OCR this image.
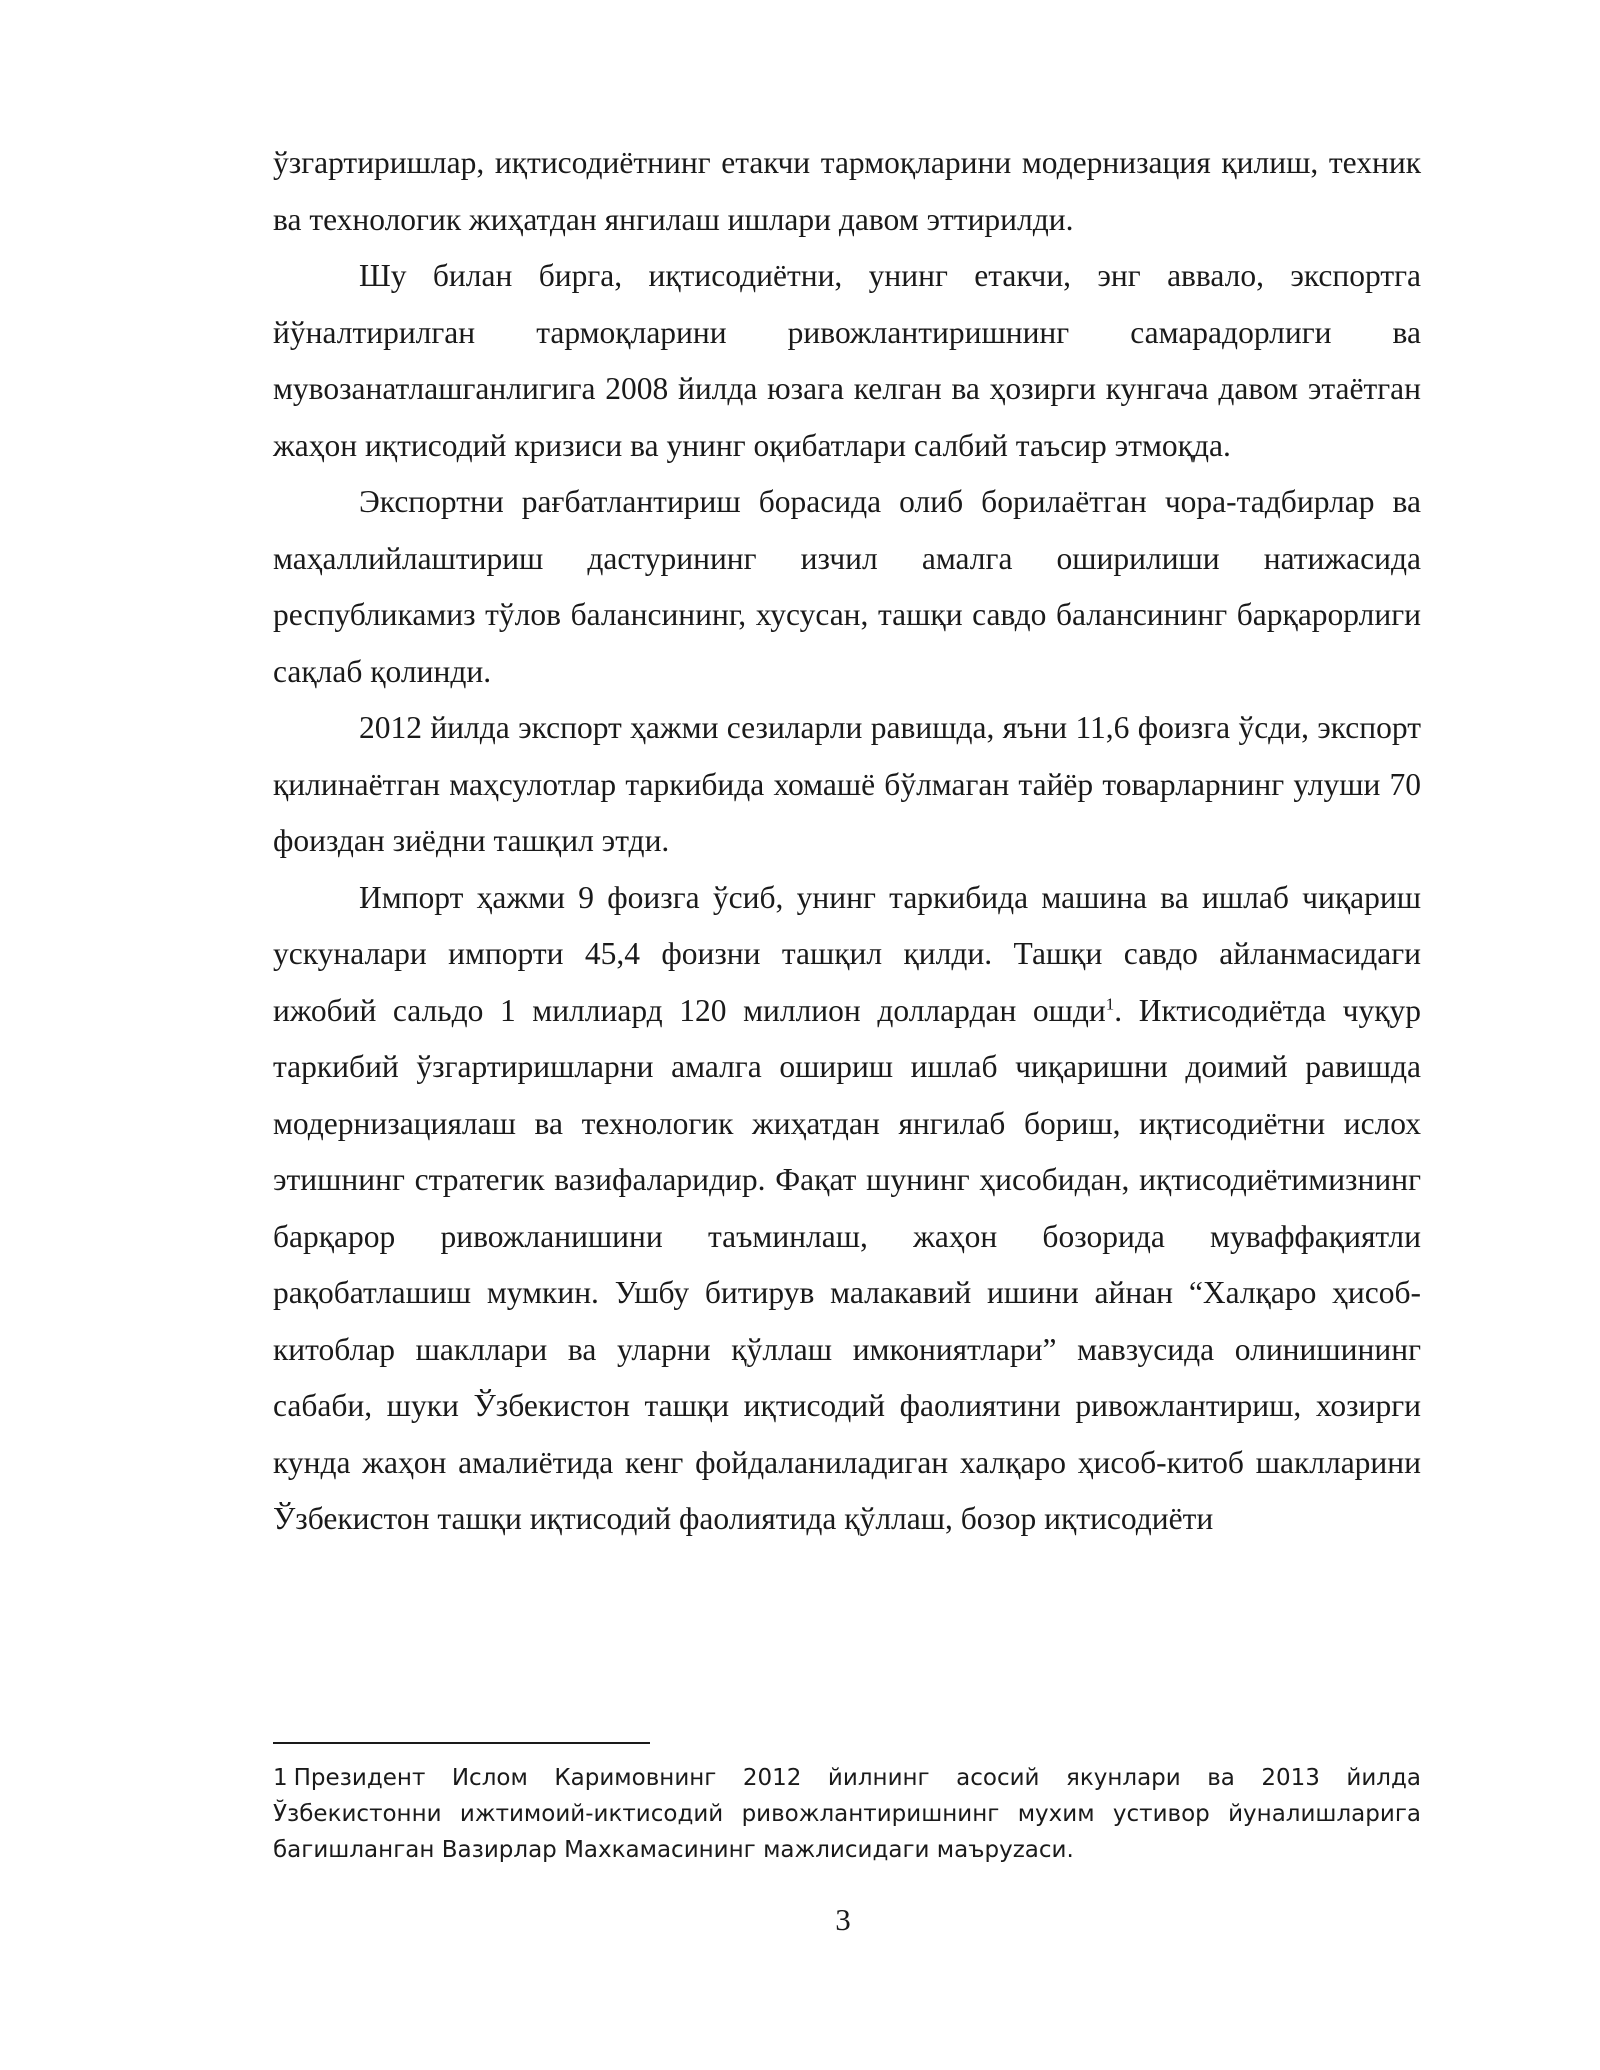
ўзгартиришлар, иқтисодиётнинг етакчи тармоқларини модернизация қилиш, техник ва технологик жиҳатдан янгилаш ишлари давом эттирилди.

Шу билан бирга, иқтисодиётни, унинг етакчи, энг аввало, экспортга йўналтирилган тармоқларини ривожлантиришнинг самарадорлиги ва мувозанатлашганлигига 2008 йилда юзага келган ва ҳозирги кунгача давом этаётган жаҳон иқтисодий кризиси ва унинг оқибатлари салбий таъсир этмоқда.

Экспортни рағбатлантириш борасида олиб борилаётган чора-тадбирлар ва маҳаллийлаштириш дастурининг изчил амалга оширилиши натижасида республикамиз тўлов балансининг, хусусан, ташқи савдо балансининг барқарорлиги сақлаб қолинди.

2012 йилда экспорт ҳажми сезиларли равишда, яъни 11,6 фоизга ўсди, экспорт қилинаётган маҳсулотлар таркибида хомашё бўлмаган тайёр товарларнинг улуши 70 фоиздан зиёдни ташқил этди.

Импорт ҳажми 9 фоизга ўсиб, унинг таркибида машина ва ишлаб чиқариш ускуналари импорти 45,4 фоизни ташқил қилди. Ташқи савдо айланмасидаги ижобий сальдо 1 миллиард 120 миллион доллардан ошди$^1$. Иктисодиётда чуқур таркибий ўзгартиришларни амалга ошириш ишлаб чиқаришни доимий равишда модернизациялаш ва технологик жиҳатдан янгилаб бориш, иқтисодиётни ислох этишнинг стратегик вазифаларидир. Фақат шунинг ҳисобидан, иқтисодиётимизнинг барқарор ривожланишини таъминлаш, жаҳон бозорида муваффақиятли рақобатлашиш мумкин. Ушбу битирув малакавий ишини айнан “Халқаро ҳисоб-китоблар шакллари ва уларни қўллаш имкониятлари” мавзусида олинишининг сабаби, шуки Ўзбекистон ташқи иқтисодий фаолиятини ривожлантириш, хозирги кунда жаҳон амалиётида кенг фойдаланиладиган халқаро ҳисоб-китоб шаклларини Ўзбекистон ташқи иқтисодий фаолиятида қўллаш, бозор иқтисодиёти

1 Президент Ислом Каримовнинг 2012 йилнинг асосий якунлари ва 2013 йилда Ўзбекистонни ижтимоий-иктисодий ривожлантиришнинг мухим устивор йуналишларига багишланган Вазирлар Махкамасининг мажлисидаги маъруzаси.

3
